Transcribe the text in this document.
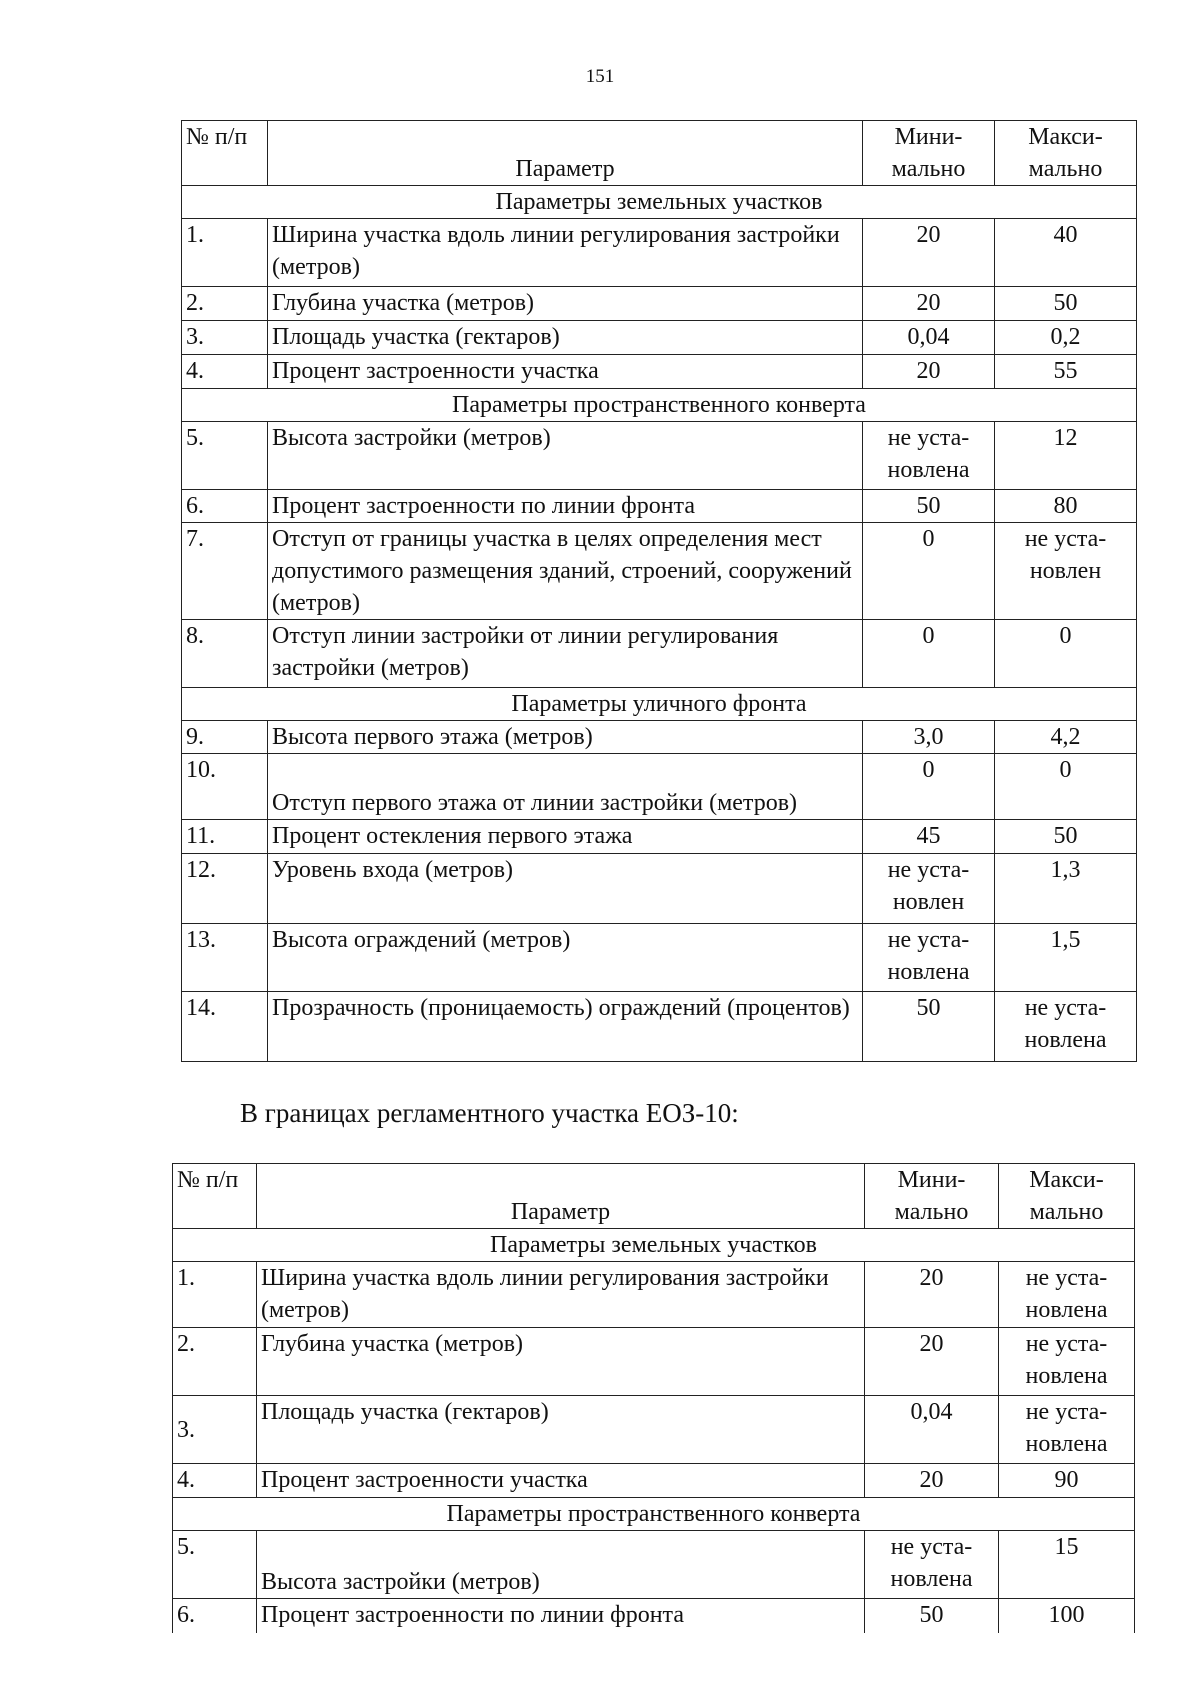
151
№ п/п	Параметр	Мини-мально	Макси-мально
Параметры земельных участков			
1.	Ширина участка вдоль линии регулирования застройки (метров)	20	40
2.	Глубина участка (метров)	20	50
3.	Площадь участка (гектаров)	0,04	0,2
4.	Процент застроенности участка	20	55
Параметры пространственного конверта			
5.	Высота застройки (метров)	не уста-новлена	12
6.	Процент застроенности по линии фронта	50	80
7.	Отступ от границы участка в целях определения мест допустимого размещения зданий, строений, сооружений (метров)	0	не уста-новлен
8.	Отступ линии застройки от линии регулирования застройки (метров)	0	0
Параметры уличного фронта			
9.	Высота первого этажа (метров)	3,0	4,2
10.	Отступ первого этажа от линии застройки (метров)	0	0
11.	Процент остекления первого этажа	45	50
12.	Уровень входа (метров)	не уста-новлен	1,3
13.	Высота ограждений (метров)	не уста-новлена	1,5
14.	Прозрачность (проницаемость) ограждений (процентов)	50	не уста-новлена
В границах регламентного участка ЕОЗ-10:
№ п/п	Параметр	Мини-мально	Макси-мально
Параметры земельных участков			
1.	Ширина участка вдоль линии регулирования застройки (метров)	20	не уста-новлена
2.	Глубина участка (метров)	20	не уста-новлена
3.	Площадь участка (гектаров)	0,04	не уста-новлена
4.	Процент застроенности участка	20	90
Параметры пространственного конверта			
5.	Высота застройки (метров)	не уста-новлена	15
6.	Процент застроенности по линии фронта	50	100
